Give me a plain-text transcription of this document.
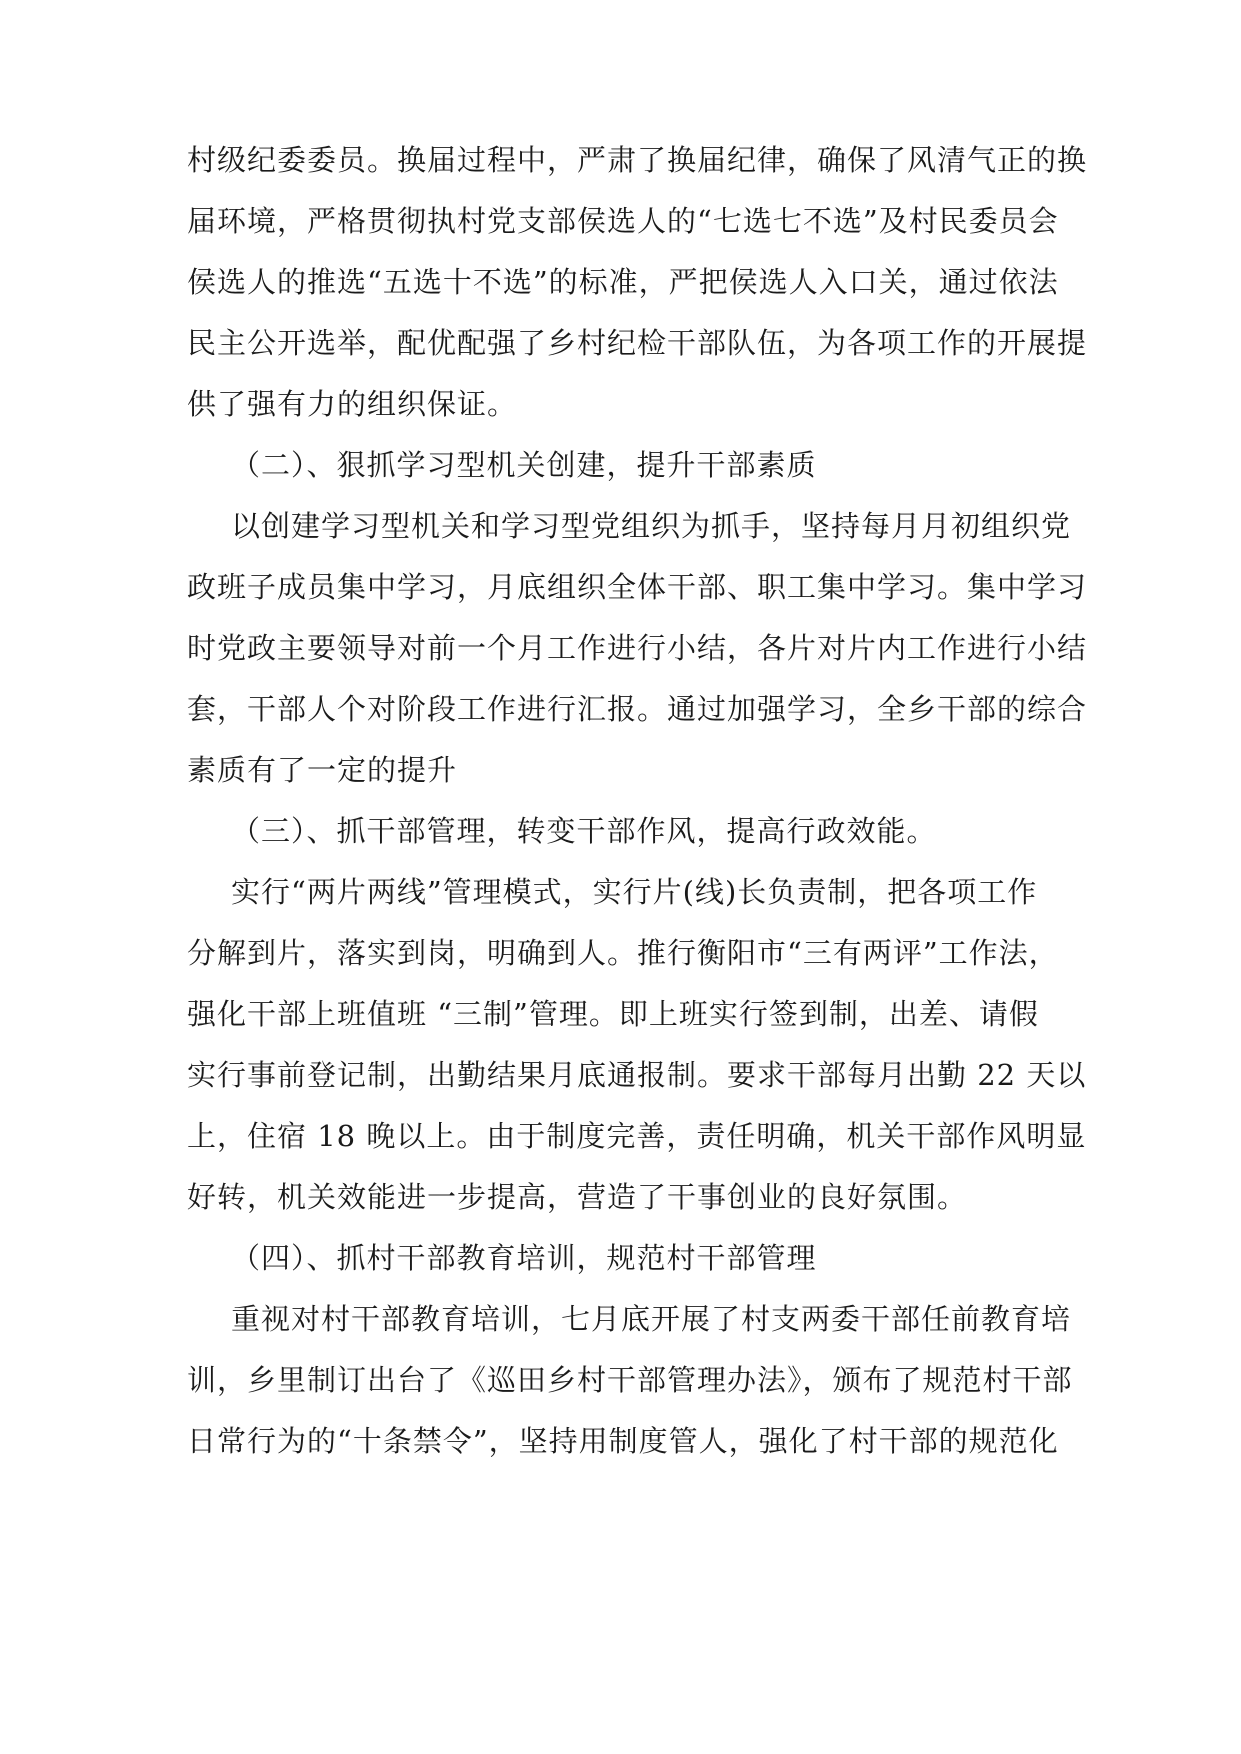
村级纪委委员。换届过程中，严肃了换届纪律，确保了风清气正的换
届环境，严格贯彻执村党支部侯选人的“七选七不选”及村民委员会
侯选人的推选“五选十不选”的标准，严把侯选人入口关，通过依法
民主公开选举，配优配强了乡村纪检干部队伍，为各项工作的开展提
供了强有力的组织保证。
（二）、狠抓学习型机关创建，提升干部素质
以创建学习型机关和学习型党组织为抓手，坚持每月月初组织党
政班子成员集中学习，月底组织全体干部、职工集中学习。集中学习
时党政主要领导对前一个月工作进行小结，各片对片内工作进行小结
套，干部人个对阶段工作进行汇报。通过加强学习，全乡干部的综合
素质有了一定的提升
（三）、抓干部管理，转变干部作风，提高行政效能。
实行“两片两线”管理模式，实行片(线)长负责制，把各项工作
分解到片，落实到岗，明确到人。推行衡阳市“三有两评”工作法，
强化干部上班值班 “三制”管理。即上班实行签到制，出差、请假
实行事前登记制，出勤结果月底通报制。要求干部每月出勤 22 天以
上，住宿 18 晚以上。由于制度完善，责任明确，机关干部作风明显
好转，机关效能进一步提高，营造了干事创业的良好氛围。
（四）、抓村干部教育培训，规范村干部管理
重视对村干部教育培训，七月底开展了村支两委干部任前教育培
训，乡里制订出台了《巡田乡村干部管理办法》，颁布了规范村干部
日常行为的“十条禁令”，坚持用制度管人，强化了村干部的规范化
